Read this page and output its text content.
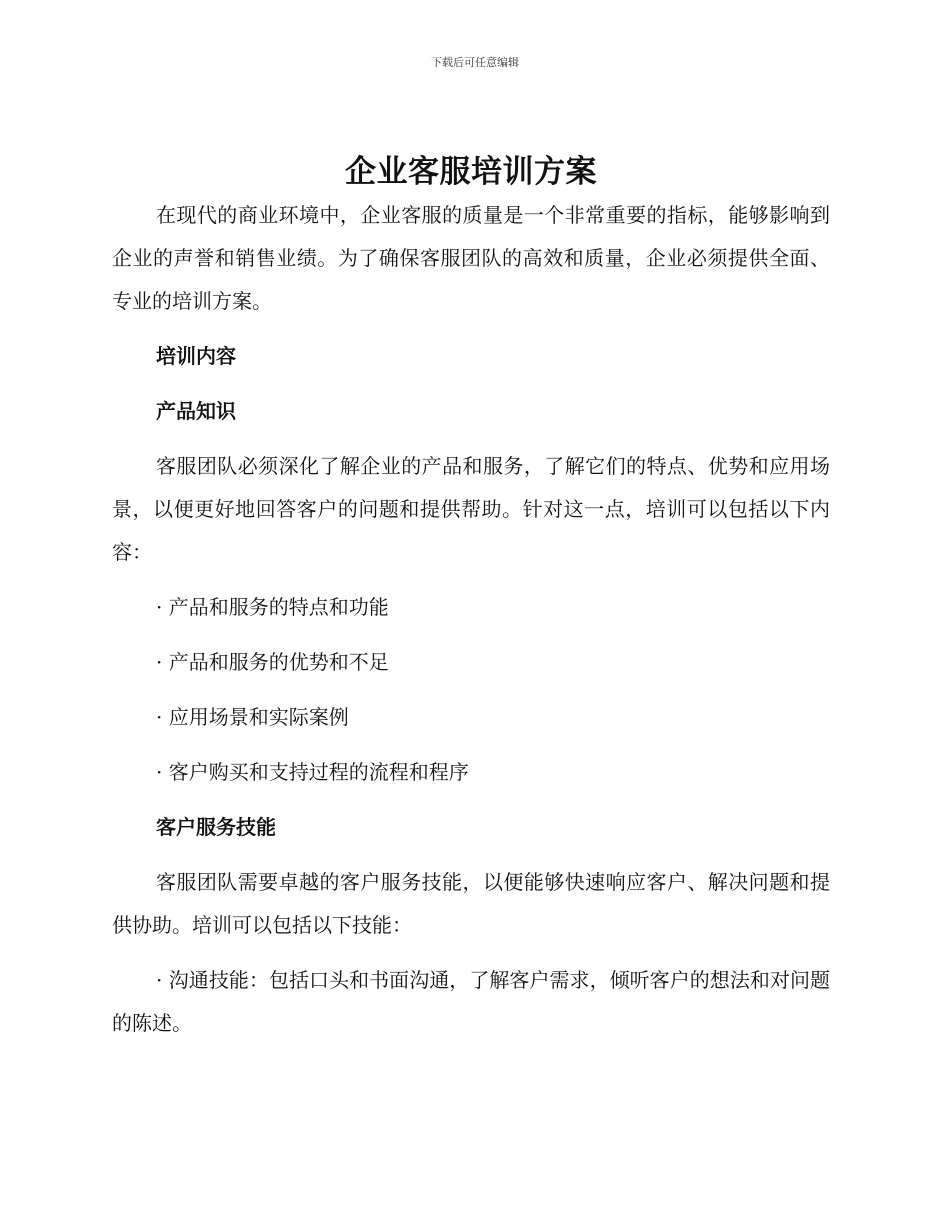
下载后可任意编辑
企业客服培训方案

在现代的商业环境中，企业客服的质量是一个非常重要的指标，能够影响到企业的声誉和销售业绩。为了确保客服团队的高效和质量，企业必须提供全面、专业的培训方案。

培训内容
产品知识

客服团队必须深化了解企业的产品和服务，了解它们的特点、优势和应用场景，以便更好地回答客户的问题和提供帮助。针对这一点，培训可以包括以下内容：

· 产品和服务的特点和功能

· 产品和服务的优势和不足

· 应用场景和实际案例

· 客户购买和支持过程的流程和程序

客户服务技能

客服团队需要卓越的客户服务技能，以便能够快速响应客户、解决问题和提供协助。培训可以包括以下技能：

· 沟通技能：包括口头和书面沟通，了解客户需求，倾听客户的想法和对问题的陈述。
